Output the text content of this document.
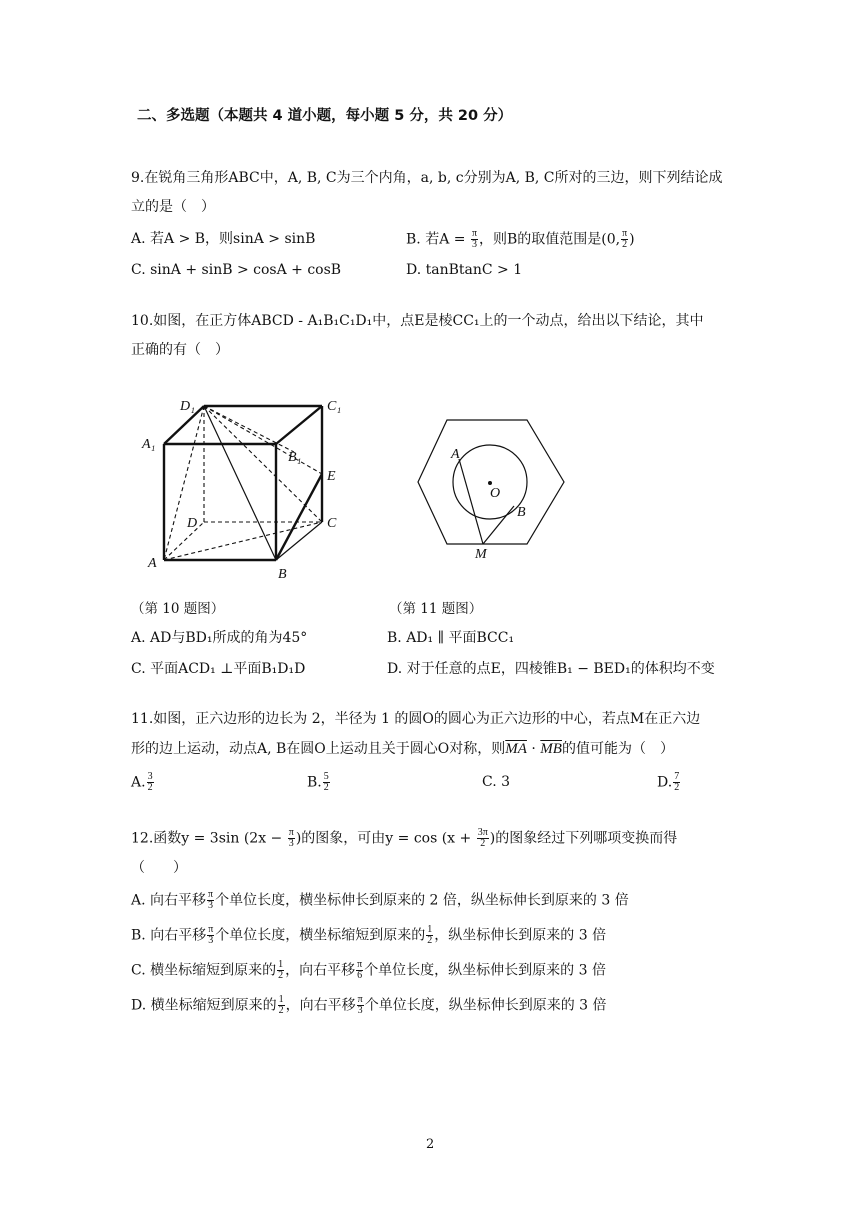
二、多选题（本题共 4 道小题，每小题 5 分，共 20 分）
9.在锐角三角形ABC中，A, B, C为三个内角，a, b, c分别为A, B, C所对的三边，则下列结论成
立的是（　）
A. 若A > B，则sinA > sinB	B. 若$A = \frac{\pi}{3}$ ，则B的取值范围是(0, $\frac{\pi}{2}$ )
C. sinA + sinB > cosA + cosB	D. tanBtanC > 1
10.如图，在正方体ABCD - A₁B₁C₁D₁中，点E是棱CC₁上的一个动点，给出以下结论，其中
正确的有（　）
D₁	C₁
A₁
B₁
E
D	C
A
B
A
O
B
M
（第 10 题图）	（第 11 题图）
A. AD与BD₁所成的角为45°	B. AD₁ ∥ 平面BCC₁
C. 平面ACD₁ ⊥平面B₁D₁D	D. 对于任意的点E，四棱锥B₁ − BED₁的体积均不变
11.如图，正六边形的边长为 2，半径为 1 的圆O的圆心为正六边形的中心，若点M在正六边
形的边上运动，动点A, B在圆O上运动且关于圆心O对称，则$\overline{MA} \cdot \overline{MB}$的值可能为（　）
A. $\frac{3}{2}$	B. $\frac{5}{2}$	C. 3	D. $\frac{7}{2}$
12.函数y = 3sin ($2x - \frac{\pi}{3}$ )的图象，可由$y = \cos (x + \frac{3\pi}{2}$ )的图象经过下列哪项变换而得
（　　）
A. 向右平移 $\frac{\pi}{3}$ 个单位长度，横坐标伸长到原来的 2 倍，纵坐标伸长到原来的 3 倍
B. 向右平移 $\frac{\pi}{3}$ 个单位长度，横坐标缩短到原来的 $\frac{1}{2}$ ，纵坐标伸长到原来的 3 倍
C. 横坐标缩短到原来的 $\frac{1}{2}$ ，向右平移 $\frac{\pi}{6}$ 个单位长度，纵坐标伸长到原来的 3 倍
D. 横坐标缩短到原来的 $\frac{1}{2}$ ，向右平移 $\frac{\pi}{3}$ 个单位长度，纵坐标伸长到原来的 3 倍
2
